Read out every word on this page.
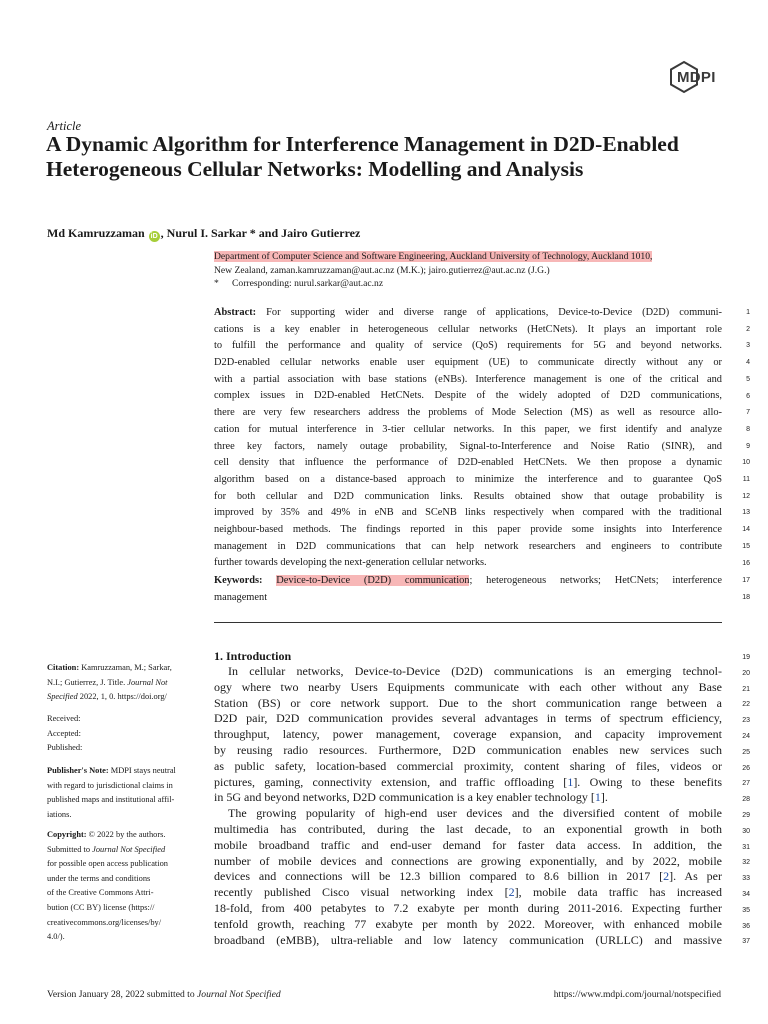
MDPI
Article
A Dynamic Algorithm for Interference Management in D2D-Enabled Heterogeneous Cellular Networks: Modelling and Analysis
Md Kamruzzaman iD , Nurul I. Sarkar * and Jairo Gutierrez
Department of Computer Science and Software Engineering, Auckland University of Technology, Auckland 1010,
New Zealand, zaman.kamruzzaman@aut.ac.nz (M.K.); jairo.gutierrez@aut.ac.nz (J.G.)
* Corresponding: nurul.sarkar@aut.ac.nz
Abstract: For supporting wider and diverse range of applications, Device-to-Device (D2D) communi-
cations is a key enabler in heterogeneous cellular networks (HetCNets). It plays an important role
to fulfill the performance and quality of service (QoS) requirements for 5G and beyond networks.
D2D-enabled cellular networks enable user equipment (UE) to communicate directly without any or
with a partial association with base stations (eNBs). Interference management is one of the critical and
complex issues in D2D-enabled HetCNets. Despite of the widely adopted of D2D communications,
there are very few researchers address the problems of Mode Selection (MS) as well as resource allo-
cation for mutual interference in 3-tier cellular networks. In this paper, we first identify and analyze
three key factors, namely outage probability, Signal-to-Interference and Noise Ratio (SINR), and
cell density that influence the performance of D2D-enabled HetCNets. We then propose a dynamic
algorithm based on a distance-based approach to minimize the interference and to guarantee QoS
for both cellular and D2D communication links. Results obtained show that outage probability is
improved by 35% and 49% in eNB and SCeNB links respectively when compared with the traditional
neighbour-based methods. The findings reported in this paper provide some insights into Interference
management in D2D communications that can help network researchers and engineers to contribute
further towards developing the next-generation cellular networks.
Keywords: Device-to-Device (D2D) communication; heterogeneous networks; HetCNets; interference
management
Citation: Kamruzzaman, M.; Sarkar,
N.I.; Gutierrez, J. Title. Journal Not
Specified 2022, 1, 0. https://doi.org/
Received:
Accepted:
Published:
Publisher's Note: MDPI stays neutral
with regard to jurisdictional claims in
published maps and institutional affil-
iations.
Copyright: © 2022 by the authors.
Submitted to Journal Not Specified
for possible open access publication
under the terms and conditions
of the Creative Commons Attri-
bution (CC BY) license (https://
creativecommons.org/licenses/by/
4.0/).
1. Introduction
In cellular networks, Device-to-Device (D2D) communications is an emerging technol-
ogy where two nearby Users Equipments communicate with each other without any Base
Station (BS) or core network support. Due to the short communication range between a
D2D pair, D2D communication provides several advantages in terms of spectrum efficiency,
throughput, latency, power management, coverage expansion, and capacity improvement
by reusing radio resources. Furthermore, D2D communication enables new services such
as public safety, location-based commercial proximity, content sharing of files, videos or
pictures, gaming, connectivity extension, and traffic offloading [1]. Owing to these benefits
in 5G and beyond networks, D2D communication is a key enabler technology [1].
The growing popularity of high-end user devices and the diversified content of mobile
multimedia has contributed, during the last decade, to an exponential growth in both
mobile broadband traffic and end-user demand for faster data access. In addition, the
number of mobile devices and connections are growing exponentially, and by 2022, mobile
devices and connections will be 12.3 billion compared to 8.6 billion in 2017 [2]. As per
recently published Cisco visual networking index [2], mobile data traffic has increased
18-fold, from 400 petabytes to 7.2 exabyte per month during 2011-2016. Expecting further
tenfold growth, reaching 77 exabyte per month by 2022. Moreover, with enhanced mobile
broadband (eMBB), ultra-reliable and low latency communication (URLLC) and massive
1
2
3
4
5
6
7
8
9
10
11
12
13
14
15
16
17
18
19
20
21
22
23
24
25
26
27
28
29
30
31
32
33
34
35
36
37
Version January 28, 2022 submitted to Journal Not Specified	https://www.mdpi.com/journal/notspecified
